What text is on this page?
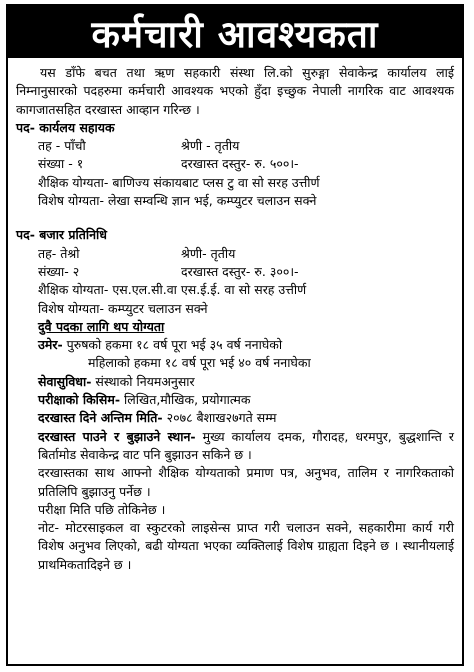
कर्मचारी आवश्यकता
यस डाँफे बचत तथा ऋण सहकारी संस्था लि.को सुरुङ्गा सेवाकेन्द्र कार्यालय लाई निम्नानुसारको पदहरुमा कर्मचारी आवश्यक भएको हुँदा इच्छुक नेपाली नागरिक वाट आवश्यक कागजातसहित दरखास्त आव्हान गरिन्छ ।
पद- कार्यलय सहायक
तह - पाँचौ	श्रेणी - तृतीय
संख्या - १	दरखास्त दस्तुर- रु. ५००।-
शैक्षिक योग्यता- बाणिज्य संकायबाट प्लस टु वा सो सरह उत्तीर्ण
विशेष योग्यता- लेखा सम्वन्धि ज्ञान भई, कम्प्युटर चलाउन सक्ने
पद- बजार प्रतिनिधि
तह- तेश्रो	श्रेणी- तृतीय
संख्या- २	दरखास्त दस्तुर- रु. ३००।-
शैक्षिक योग्यता- एस.एल.सी.वा एस.ई.ई. वा सो सरह उत्तीर्ण
विशेष योग्यता- कम्प्युटर चलाउन सक्ने
दुवै पदका लागि थप योग्यता
उमेर- पुरुषको हकमा १८ वर्ष पूरा भई ३५ वर्ष ननाघेको
महिलाको हकमा १८ वर्ष पूरा भई ४० वर्ष ननाघेका
सेवासुविधा- संस्थाको नियमअनुसार
परीक्षाको किसिम- लिखित,मौखिक, प्रयोगात्मक
दरखास्त दिने अन्तिम मिति- २०७८ बैशाख२७गते सम्म
दरखास्त पाउने र बुझाउने स्थान- मुख्य कार्यालय दमक, गौरादह, धरमपुर, बुद्धशान्ति र बिर्तामोड सेवाकेन्द्र वाट पनि बुझाउन सकिने छ ।
दरखास्तका साथ आफ्नो शैक्षिक योग्यताको प्रमाण पत्र, अनुभव, तालिम र नागरिकताको प्रतिलिपि बुझाउनु पर्नेछ ।
परीक्षा मिति पछि तोकिनेछ ।
नोट- मोटरसाइकल वा स्कुटरको लाइसेन्स प्राप्त गरी चलाउन सक्ने, सहकारीमा कार्य गरी विशेष अनुभव लिएको, बढी योग्यता भएका व्यक्तिलाई विशेष ग्राह्यता दिइने छ । स्थानीयलाई प्राथमिकतादिइने छ ।
